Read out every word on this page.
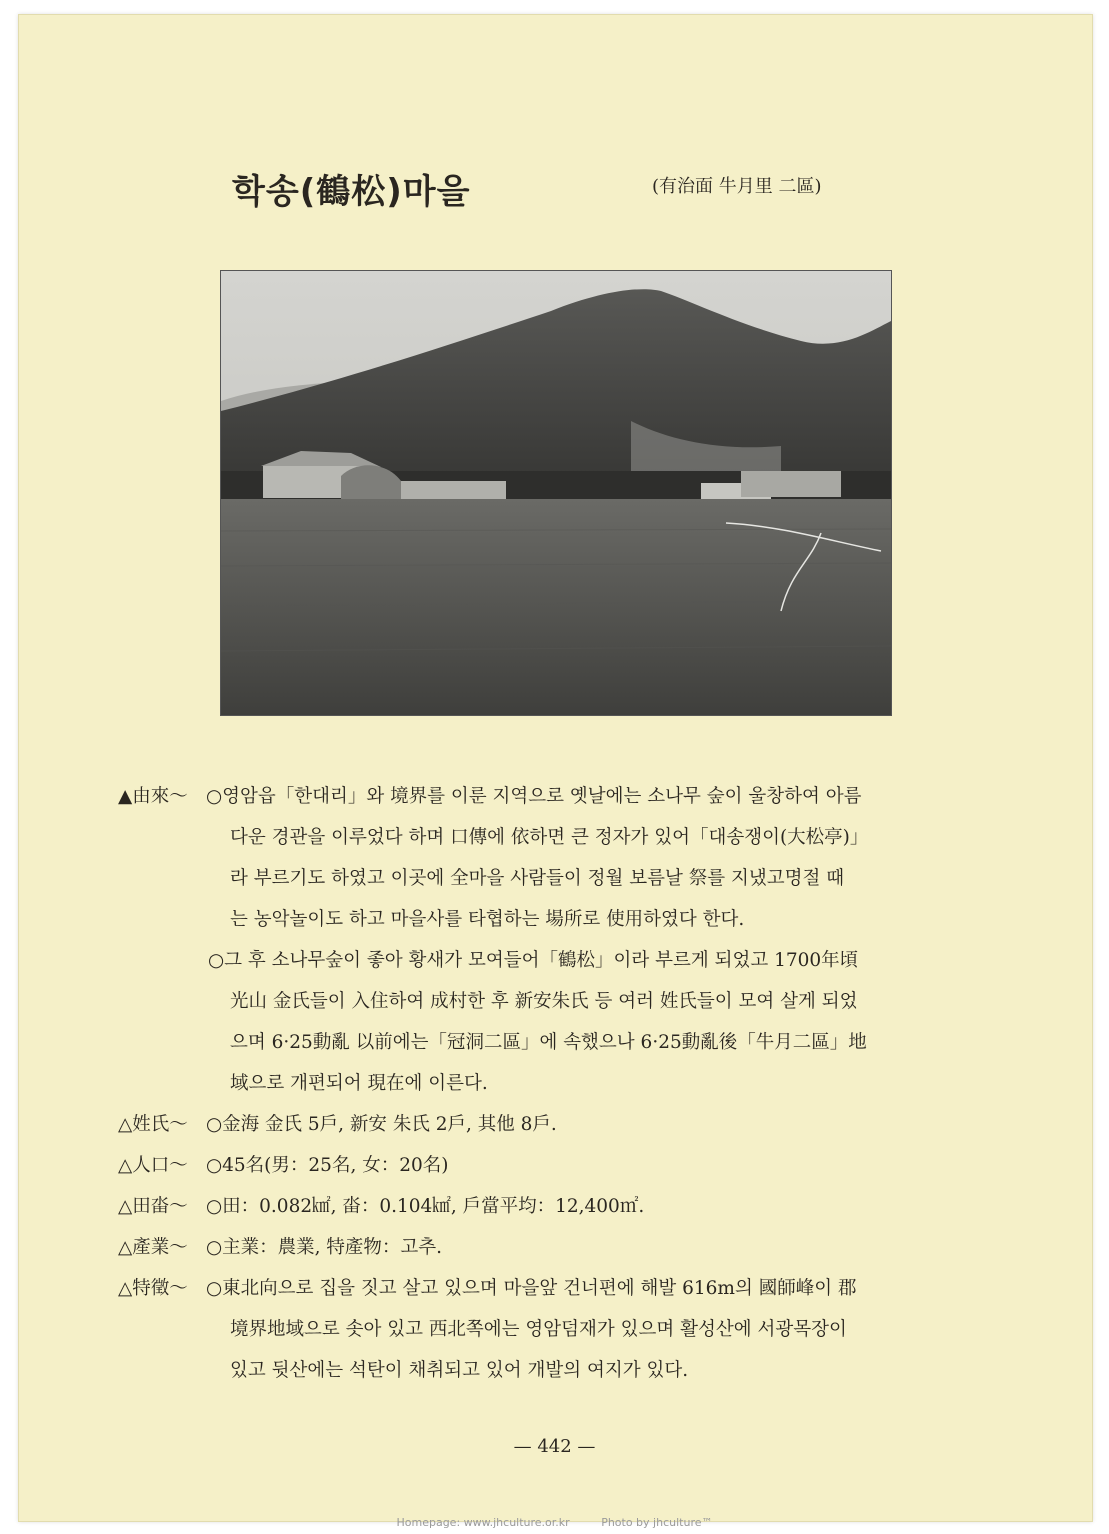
학송(鶴松)마을	(有治面 牛月里 二區)
▲由來～ ○영암읍「한대리」와 境界를 이룬 지역으로 옛날에는 소나무 숲이 울창하여 아름
다운 경관을 이루었다 하며 口傳에 依하면 큰 정자가 있어「대송쟁이(大松亭)」
라 부르기도 하였고 이곳에 全마을 사람들이 정월 보름날 祭를 지냈고명절 때
는 농악놀이도 하고 마을사를 타협하는 場所로 使用하였다 한다.
○그 후 소나무숲이 좋아 황새가 모여들어「鶴松」이라 부르게 되었고 1700年頃
光山 金氏들이 入住하여 成村한 후 新安朱氏 등 여러 姓氏들이 모여 살게 되었
으며 6·25動亂 以前에는「冠洞二區」에 속했으나 6·25動亂後「牛月二區」地
域으로 개편되어 現在에 이른다.
△姓氏～ ○金海 金氏 5戶, 新安 朱氏 2戶, 其他 8戶.
△人口～ ○45名(男：25名, 女：20名)
△田畓～ ○田：0.082㎢, 畓：0.104㎢, 戶當平均：12,400㎡.
△產業～ ○主業：農業, 特產物：고추.
△特徵～ ○東北向으로 집을 짓고 살고 있으며 마을앞 건너편에 해발 616m의 國師峰이 郡
境界地域으로 솟아 있고 西北쪽에는 영암덤재가 있으며 활성산에 서광목장이
있고 뒷산에는 석탄이 채취되고 있어 개발의 여지가 있다.
— 442 —
Homepage: www.jhculture.or.kr	Photo by jhculture™
